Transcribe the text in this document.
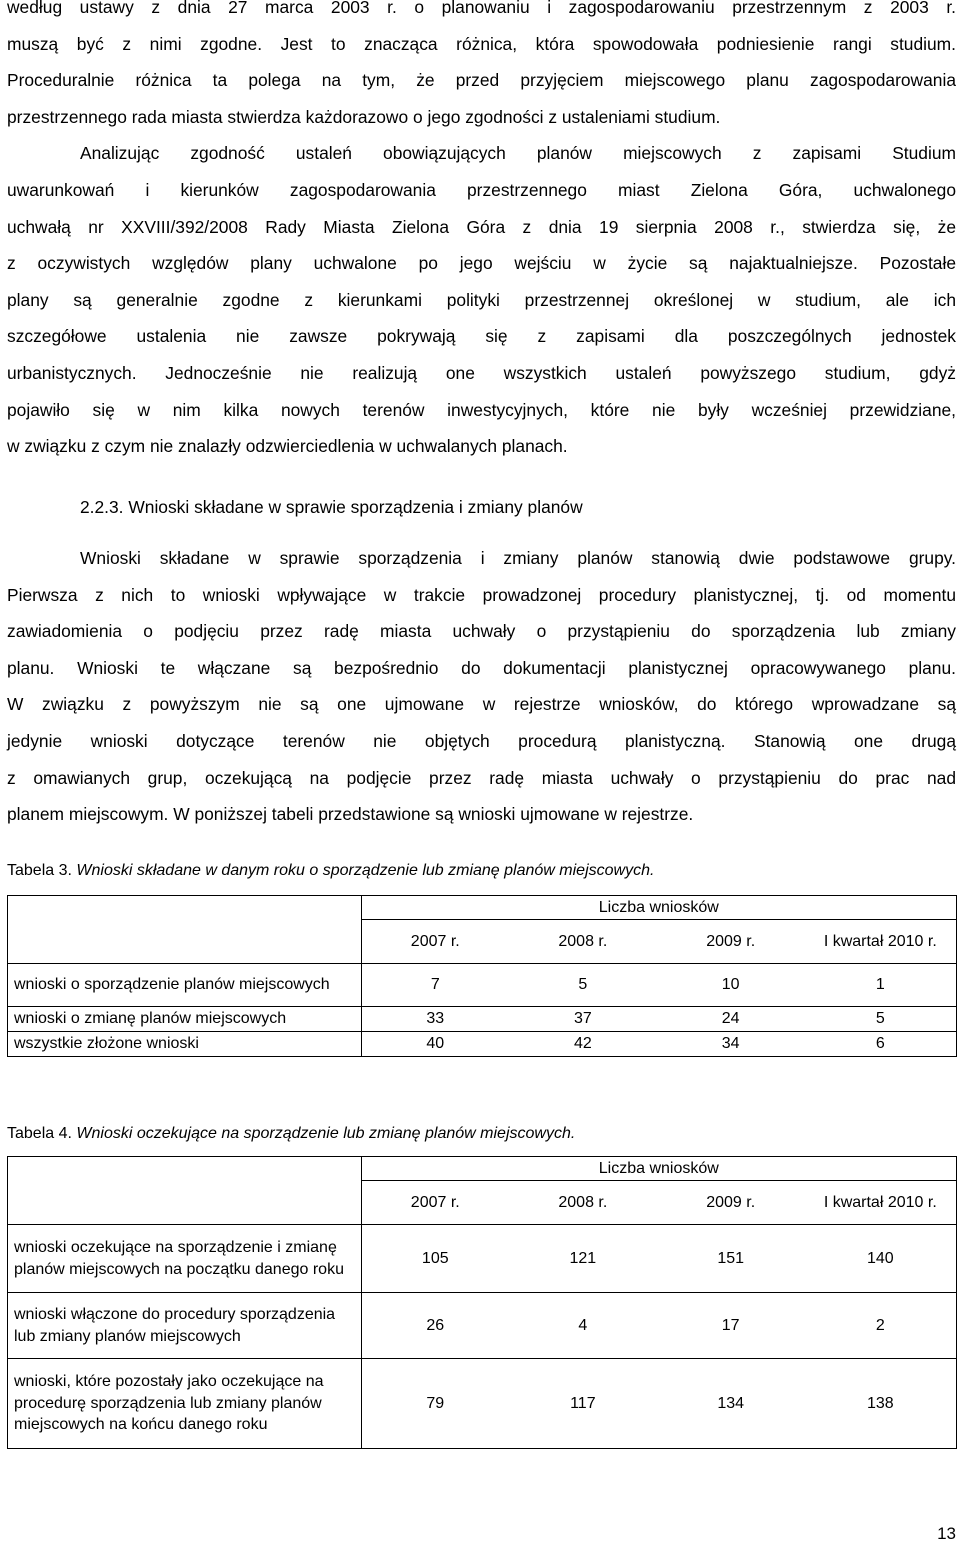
według ustawy z dnia 27 marca 2003 r. o planowaniu i zagospodarowaniu przestrzennym z 2003 r.
muszą być z nimi zgodne. Jest to znacząca różnica, która spowodowała podniesienie rangi studium.
Proceduralnie różnica ta polega na tym, że przed przyjęciem miejscowego planu zagospodarowania
przestrzennego rada miasta stwierdza każdorazowo o jego zgodności z ustaleniami studium.
Analizując zgodność ustaleń obowiązujących planów miejscowych z zapisami Studium
uwarunkowań i kierunków zagospodarowania przestrzennego miast Zielona Góra, uchwalonego
uchwałą nr XXVIII/392/2008 Rady Miasta Zielona Góra z dnia 19 sierpnia 2008 r., stwierdza się, że
z oczywistych względów plany uchwalone po jego wejściu w życie są najaktualniejsze. Pozostałe
plany są generalnie zgodne z kierunkami polityki przestrzennej określonej w studium, ale ich
szczegółowe ustalenia nie zawsze pokrywają się z zapisami dla poszczególnych jednostek
urbanistycznych. Jednocześnie nie realizują one wszystkich ustaleń powyższego studium, gdyż
pojawiło się w nim kilka nowych terenów inwestycyjnych, które nie były wcześniej przewidziane,
w związku z czym nie znalazły odzwierciedlenia w uchwalanych planach.
2.2.3. Wnioski składane w sprawie sporządzenia i zmiany planów
Wnioski składane w sprawie sporządzenia i zmiany planów stanowią dwie podstawowe grupy.
Pierwsza z nich to wnioski wpływające w trakcie prowadzonej procedury planistycznej, tj. od momentu
zawiadomienia o podjęciu przez radę miasta uchwały o przystąpieniu do sporządzenia lub zmiany
planu. Wnioski te włączane są bezpośrednio do dokumentacji planistycznej opracowywanego planu.
W związku z powyższym nie są one ujmowane w rejestrze wniosków, do którego wprowadzane są
jedynie wnioski dotyczące terenów nie objętych procedurą planistyczną. Stanowią one drugą
z omawianych grup, oczekującą na podjęcie przez radę miasta uchwały o przystąpieniu do prac nad
planem miejscowym. W poniższej tabeli przedstawione są wnioski ujmowane w rejestrze.
Tabela 3. Wnioski składane w danym roku o sporządzenie lub zmianę planów miejscowych.
	Liczba wniosków			
	2007 r.	2008 r.	2009 r.	I kwartał 2010 r.
wnioski o sporządzenie planów miejscowych	7	5	10	1
wnioski o zmianę planów miejscowych	33	37	24	5
wszystkie złożone wnioski	40	42	34	6
Tabela 4. Wnioski oczekujące na sporządzenie lub zmianę planów miejscowych.
	Liczba wniosków			
	2007 r.	2008 r.	2009 r.	I kwartał 2010 r.
wnioski oczekujące na sporządzenie i zmianę planów miejscowych na początku danego roku	105	121	151	140
wnioski włączone do procedury sporządzenia lub zmiany planów miejscowych	26	4	17	2
wnioski, które pozostały jako oczekujące na procedurę sporządzenia lub zmiany planów miejscowych na końcu danego roku	79	117	134	138
13
